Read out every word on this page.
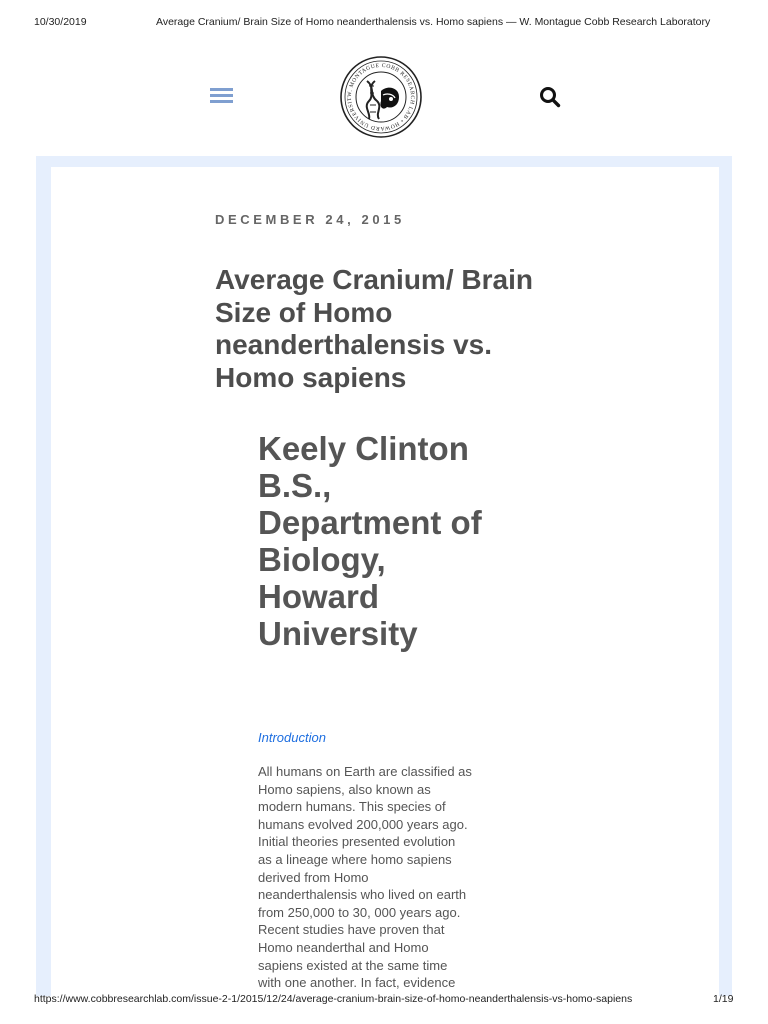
10/30/2019	Average Cranium/ Brain Size of Homo neanderthalensis vs. Homo sapiens — W. Montague Cobb Research Laboratory
W. MONTAGUE COBB RESEARCH LAB • HOWARD UNIVERSIT
DECEMBER 24, 2015
Average Cranium/ Brain Size of Homo neanderthalensis vs. Homo sapiens
Keely Clinton
B.S.,
Department of
Biology,
Howard
University
Introduction

All humans on Earth are classified as
Homo sapiens, also known as
modern humans. This species of
humans evolved 200,000 years ago.
Initial theories presented evolution
as a lineage where homo sapiens
derived from Homo
neanderthalensis who lived on earth
from 250,000 to 30, 000 years ago.
Recent studies have proven that
Homo neanderthal and Homo
sapiens existed at the same time
with one another. In fact, evidence

https://www.cobbresearchlab.com/issue-2-1/2015/12/24/average-cranium-brain-size-of-homo-neanderthalensis-vs-homo-sapiens	1/19
